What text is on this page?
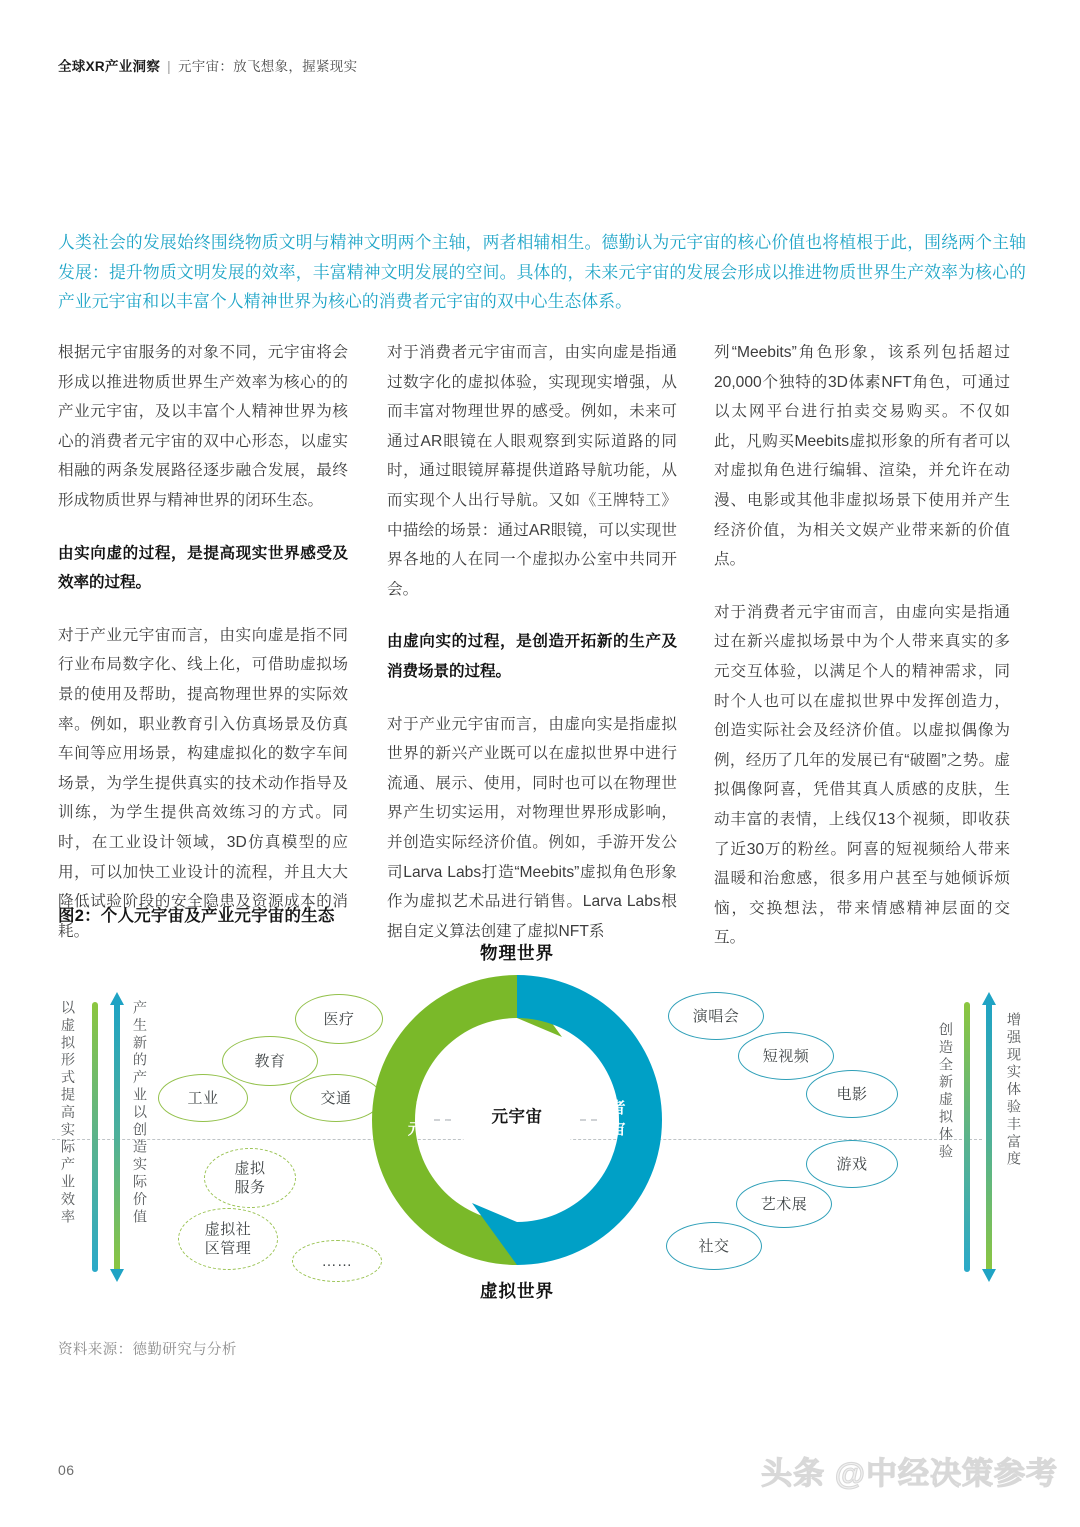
全球XR产业洞察 | 元宇宙：放飞想象，握紧现实
人类社会的发展始终围绕物质文明与精神文明两个主轴，两者相辅相生。德勤认为元宇宙的核心价值也将植根于此，围绕两个主轴发展：提升物质文明发展的效率，丰富精神文明发展的空间。具体的，未来元宇宙的发展会形成以推进物质世界生产效率为核心的产业元宇宙和以丰富个人精神世界为核心的消费者元宇宙的双中心生态体系。

根据元宇宙服务的对象不同，元宇宙将会形成以推进物质世界生产效率为核心的的产业元宇宙，及以丰富个人精神世界为核心的消费者元宇宙的双中心形态，以虚实相融的两条发展路径逐步融合发展，最终形成物质世界与精神世界的闭环生态。

由实向虚的过程，是提高现实世界感受及效率的过程。

对于产业元宇宙而言，由实向虚是指不同行业布局数字化、线上化，可借助虚拟场景的使用及帮助，提高物理世界的实际效率。例如，职业教育引入仿真场景及仿真车间等应用场景，构建虚拟化的数字车间场景，为学生提供真实的技术动作指导及训练，为学生提供高效练习的方式。同时，在工业设计领域，3D仿真模型的应用，可以加快工业设计的流程，并且大大降低试验阶段的安全隐患及资源成本的消耗。

对于消费者元宇宙而言，由实向虚是指通过数字化的虚拟体验，实现现实增强，从而丰富对物理世界的感受。例如，未来可通过AR眼镜在人眼观察到实际道路的同时，通过眼镜屏幕提供道路导航功能，从而实现个人出行导航。又如《王牌特工》中描绘的场景：通过AR眼镜，可以实现世界各地的人在同一个虚拟办公室中共同开会。

由虚向实的过程，是创造开拓新的生产及消费场景的过程。

对于产业元宇宙而言，由虚向实是指虚拟世界的新兴产业既可以在虚拟世界中进行流通、展示、使用，同时也可以在物理世界产生切实运用，对物理世界形成影响，并创造实际经济价值。例如，手游开发公司Larva Labs打造“Meebits”虚拟角色形象作为虚拟艺术品进行销售。Larva Labs根据自定义算法创建了虚拟NFT系

列“Meebits”角色形象，该系列包括超过20,000个独特的3D体素NFT角色，可通过以太网平台进行拍卖交易购买。不仅如此，凡购买Meebits虚拟形象的所有者可以对虚拟角色进行编辑、渲染，并允许在动漫、电影或其他非虚拟场景下使用并产生经济价值，为相关文娱产业带来新的价值点。

对于消费者元宇宙而言，由虚向实是指通过在新兴虚拟场景中为个人带来真实的多元交互体验，以满足个人的精神需求，同时个人也可以在虚拟世界中发挥创造力，创造实际社会及经济价值。以虚拟偶像为例，经历了几年的发展已有“破圈”之势。虚拟偶像阿喜，凭借其真人质感的皮肤，生动丰富的表情，上线仅13个视频，即收获了近30万的粉丝。阿喜的短视频给人带来温暖和治愈感，很多用户甚至与她倾诉烦恼，交换想法，带来情感精神层面的交互。

图2：个人元宇宙及产业元宇宙的生态
以虚拟形式提高实际产业效率	产生新的产业以创造实际价值	创造全新虚拟体验	增强现实体验丰富度
医疗
教育
工业	交通
虚拟
服务
虚拟社
区管理
……
演唱会
短视频
电影
游戏
艺术展
社交
物理世界
虚拟世界
产业
元宇宙
消费者
元宇宙
元宇宙
资料来源：德勤研究与分析
06	头条 @中经决策参考
